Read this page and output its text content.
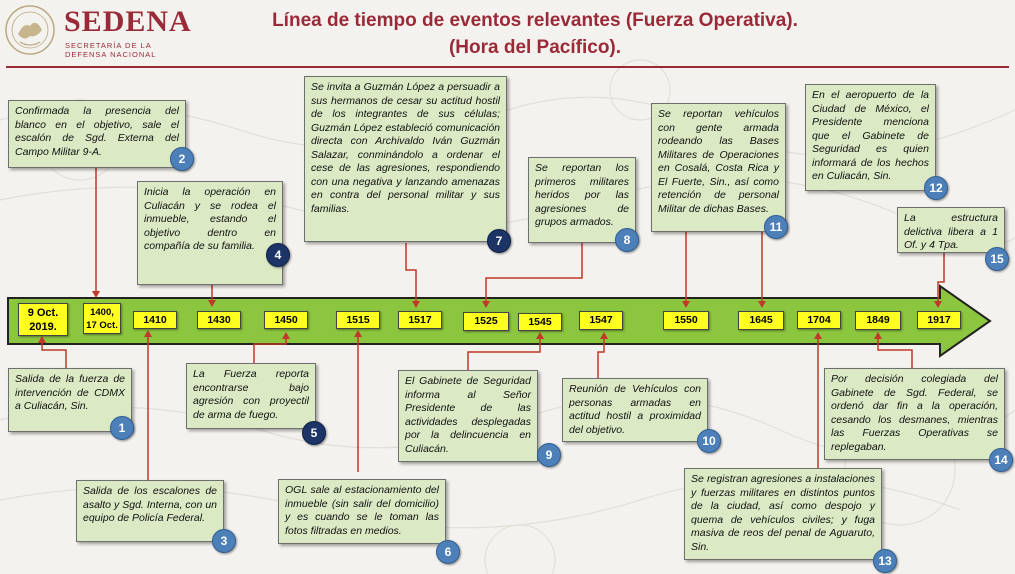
SEDENA
SECRETARÍA DE LA
DEFENSA NACIONAL
Línea de tiempo de eventos relevantes (Fuerza Operativa).
(Hora del Pacífico).
9 Oct.
2019.
1400,
17 Oct.	1410	1430	1450	1515	1517	1525	1545	1547	1550	1645	1704	1849	1917
Confirmada la presencia del blanco en el objetivo, sale el escalón de Sgd. Externa del Campo Militar 9-A.
Inicia la operación en Culiacán y se rodea el inmueble, estando el objetivo dentro en compañía de su familia.
Se invita a Guzmán López a persuadir a sus hermanos de cesar su actitud hostil de los integrantes de sus células; Guzmán López estableció comunicación directa con Archivaldo Iván Guzmán Salazar, conminándolo a ordenar el cese de las agresiones, respondiendo con una negativa y lanzando amenazas en contra del personal militar y sus familias.
Se reportan los primeros militares heridos por las agresiones de grupos armados.
Se reportan vehículos con gente armada rodeando las Bases Militares de Operaciones en Cosalá, Costa Rica y El Fuerte, Sin., así como retención de personal Militar de dichas Bases.
En el aeropuerto de la Ciudad de México, el Presidente menciona que el Gabinete de Seguridad es quien informará de los hechos en Culiacán, Sin.
La estructura delictiva libera a 1 Of. y 4 Tpa.
Salida de la fuerza de intervención de CDMX a Culiacán, Sin.
Salida de los escalones de asalto y Sgd. Interna, con un equipo de Policía Federal.
La Fuerza reporta encontrarse bajo agresión con proyectil de arma de fuego.
OGL sale al estacionamiento del inmueble (sin salir del domicilio) y es cuando se le toman las fotos filtradas en medios.
El Gabinete de Seguridad informa al Señor Presidente de las actividades desplegadas por la delincuencia en Culiacán.
Reunión de Vehículos con personas armadas en actitud hostil a proximidad del objetivo.
Se registran agresiones a instalaciones y fuerzas militares en distintos puntos de la ciudad, así como despojo y quema de vehículos civiles; y fuga masiva de reos del penal de Aguaruto, Sin.
Por decisión colegiada del Gabinete de Sgd. Federal, se ordenó dar fin a la operación, cesando los desmanes, mientras las Fuerzas Operativas se replegaban.
1
2
3
4
5
6
7	8
9
10
11
12
13
14
15
